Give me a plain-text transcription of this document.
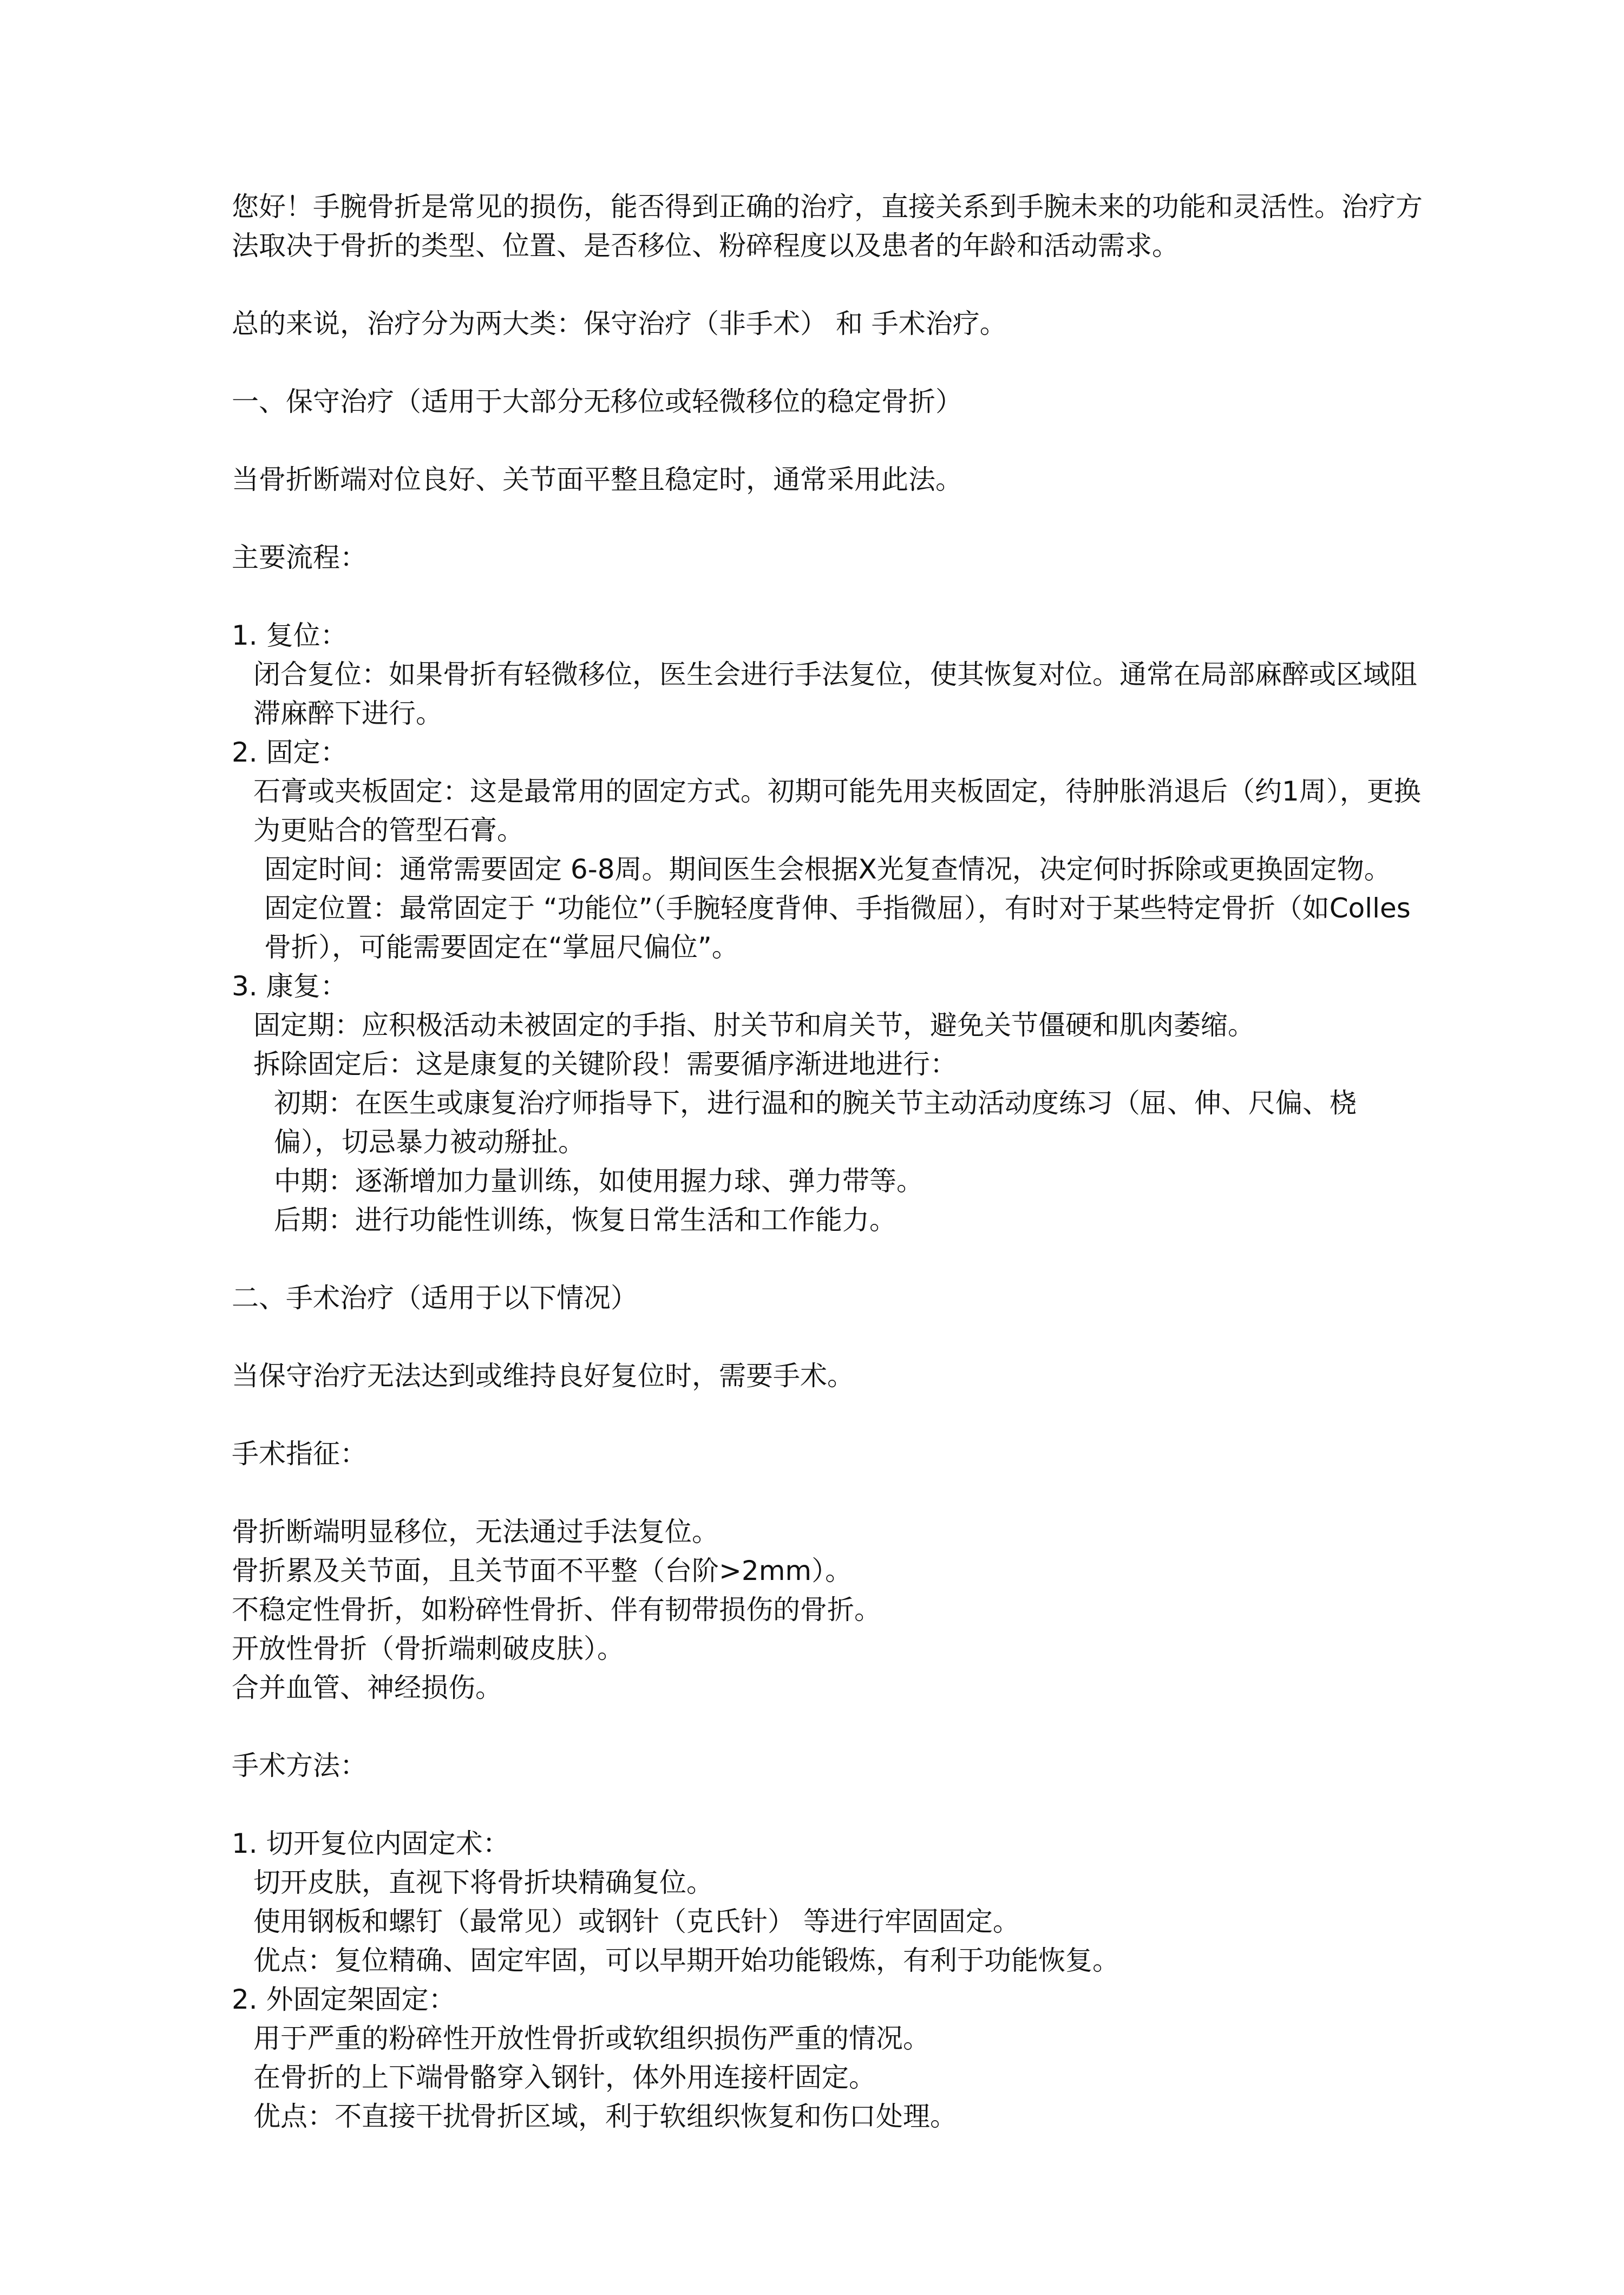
您好！手腕骨折是常见的损伤，能否得到正确的治疗，直接关系到手腕未来的功能和灵活性。治疗方法取决于骨折的类型、位置、是否移位、粉碎程度以及患者的年龄和活动需求。

总的来说，治疗分为两大类：保守治疗（非手术） 和 手术治疗。

一、保守治疗（适用于大部分无移位或轻微移位的稳定骨折）

当骨折断端对位良好、关节面平整且稳定时，通常采用此法。

主要流程：

1. 复位：

闭合复位：如果骨折有轻微移位，医生会进行手法复位，使其恢复对位。通常在局部麻醉或区域阻滞麻醉下进行。

2. 固定：

石膏或夹板固定：这是最常用的固定方式。初期可能先用夹板固定，待肿胀消退后（约1周），更换为更贴合的管型石膏。

固定时间：通常需要固定 6-8周。期间医生会根据X光复查情况，决定何时拆除或更换固定物。

固定位置：最常固定于 “功能位”（手腕轻度背伸、手指微屈），有时对于某些特定骨折（如Colles骨折），可能需要固定在“掌屈尺偏位”。

3. 康复：

固定期：应积极活动未被固定的手指、肘关节和肩关节，避免关节僵硬和肌肉萎缩。

拆除固定后：这是康复的关键阶段！需要循序渐进地进行：

初期：在医生或康复治疗师指导下，进行温和的腕关节主动活动度练习（屈、伸、尺偏、桡偏），切忌暴力被动掰扯。

中期：逐渐增加力量训练，如使用握力球、弹力带等。

后期：进行功能性训练，恢复日常生活和工作能力。

二、手术治疗（适用于以下情况）

当保守治疗无法达到或维持良好复位时，需要手术。

手术指征：

骨折断端明显移位，无法通过手法复位。

骨折累及关节面，且关节面不平整（台阶>2mm）。

不稳定性骨折，如粉碎性骨折、伴有韧带损伤的骨折。

开放性骨折（骨折端刺破皮肤）。

合并血管、神经损伤。

手术方法：

1. 切开复位内固定术：

切开皮肤，直视下将骨折块精确复位。

使用钢板和螺钉（最常见）或钢针（克氏针） 等进行牢固固定。

优点：复位精确、固定牢固，可以早期开始功能锻炼，有利于功能恢复。

2. 外固定架固定：

用于严重的粉碎性开放性骨折或软组织损伤严重的情况。

在骨折的上下端骨骼穿入钢针，体外用连接杆固定。

优点：不直接干扰骨折区域，利于软组织恢复和伤口处理。
